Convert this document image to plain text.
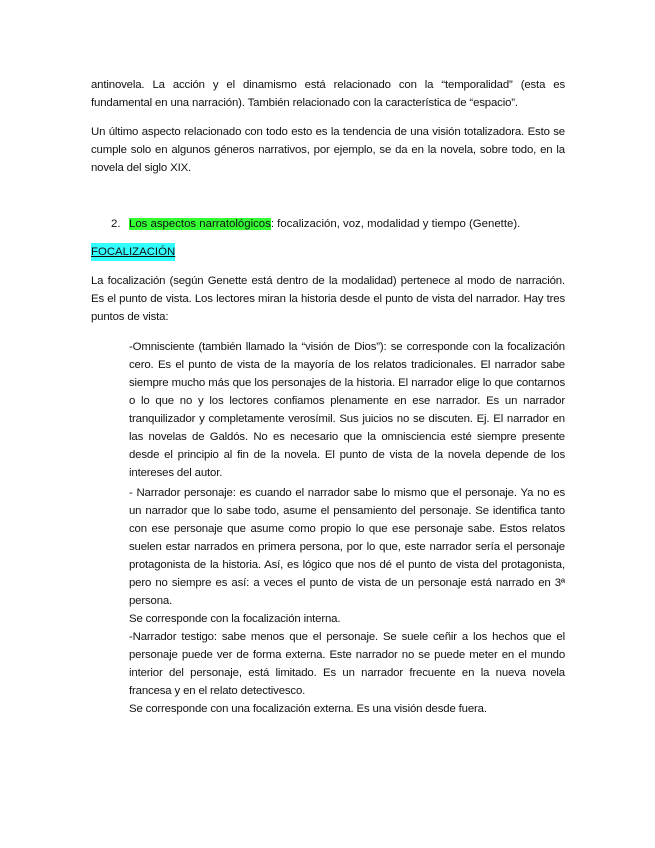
antinovela. La acción y el dinamismo está relacionado con la “temporalidad” (esta es fundamental en una narración). También relacionado con la característica de “espacio”.

Un último aspecto relacionado con todo esto es la tendencia de una visión totalizadora. Esto se cumple solo en algunos géneros narrativos, por ejemplo, se da en la novela, sobre todo, en la novela del siglo XIX.

2. Los aspectos narratológicos: focalización, voz, modalidad y tiempo (Genette).
FOCALIZACIÓN

La focalización (según Genette está dentro de la modalidad) pertenece al modo de narración. Es el punto de vista. Los lectores miran la historia desde el punto de vista del narrador. Hay tres puntos de vista:

-Omnisciente (también llamado la “visión de Dios”): se corresponde con la focalización cero. Es el punto de vista de la mayoría de los relatos tradicionales. El narrador sabe siempre mucho más que los personajes de la historia. El narrador elige lo que contarnos o lo que no y los lectores confiamos plenamente en ese narrador. Es un narrador tranquilizador y completamente verosímil. Sus juicios no se discuten. Ej. El narrador en las novelas de Galdós. No es necesario que la omnisciencia esté siempre presente desde el principio al fin de la novela. El punto de vista de la novela depende de los intereses del autor.

- Narrador personaje: es cuando el narrador sabe lo mismo que el personaje. Ya no es un narrador que lo sabe todo, asume el pensamiento del personaje. Se identifica tanto con ese personaje que asume como propio lo que ese personaje sabe. Estos relatos suelen estar narrados en primera persona, por lo que, este narrador sería el personaje protagonista de la historia. Así, es lógico que nos dé el punto de vista del protagonista, pero no siempre es así: a veces el punto de vista de un personaje está narrado en 3ª persona.

Se corresponde con la focalización interna.

-Narrador testigo: sabe menos que el personaje. Se suele ceñir a los hechos que el personaje puede ver de forma externa. Este narrador no se puede meter en el mundo interior del personaje, está limitado. Es un narrador frecuente en la nueva novela francesa y en el relato detectivesco.

Se corresponde con una focalización externa. Es una visión desde fuera.
